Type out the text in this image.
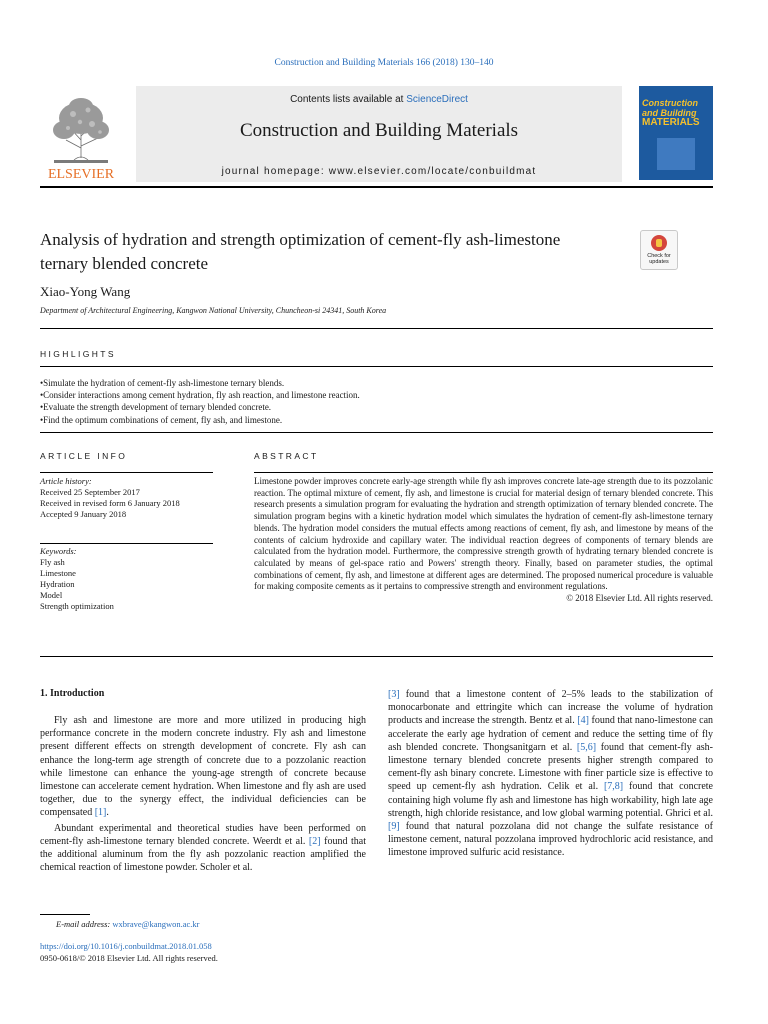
Construction and Building Materials 166 (2018) 130–140
ELSEVIER
Contents lists available at ScienceDirect
Construction and Building Materials
journal homepage: www.elsevier.com/locate/conbuildmat
Construction
and Building
MATERIALS
Analysis of hydration and strength optimization of cement-fly ash-limestone ternary blended concrete	Check for updates
Xiao-Yong Wang
Department of Architectural Engineering, Kangwon National University, Chuncheon-si 24341, South Korea
HIGHLIGHTS
• Simulate the hydration of cement-fly ash-limestone ternary blends.
• Consider interactions among cement hydration, fly ash reaction, and limestone reaction.
• Evaluate the strength development of ternary blended concrete.
• Find the optimum combinations of cement, fly ash, and limestone.
ARTICLE INFO
Article history:
Received 25 September 2017
Received in revised form 6 January 2018
Accepted 9 January 2018
Keywords:
Fly ash
Limestone
Hydration
Model
Strength optimization
ABSTRACT
Limestone powder improves concrete early-age strength while fly ash improves concrete late-age strength due to its pozzolanic reaction. The optimal mixture of cement, fly ash, and limestone is crucial for material design of ternary blended concrete. This research presents a simulation program for evaluating the hydration and strength optimization of ternary blended concrete. The simulation program begins with a kinetic hydration model which simulates the hydration of cement-fly ash-limestone ternary blends. The hydration model considers the mutual effects among reactions of cement, fly ash, and limestone by means of the contents of calcium hydroxide and capillary water. The individual reaction degrees of components of ternary blends are calculated from the hydration model. Furthermore, the compressive strength growth of hydrating ternary blended concrete is calculated by means of gel-space ratio and Powers' strength theory. Finally, based on parameter studies, the optimal combinations of cement, fly ash, and limestone at different ages are determined. The proposed numerical procedure is valuable for making composite cements as it pertains to compressive strength and environment regulations.
© 2018 Elsevier Ltd. All rights reserved.
1. Introduction

Fly ash and limestone are more and more utilized in producing high performance concrete in the modern concrete industry. Fly ash and limestone present different effects on strength development of concrete. Fly ash can enhance the long-term age strength of concrete due to a pozzolanic reaction while limestone can enhance the young-age strength of concrete because limestone can accelerate cement hydration. When limestone and fly ash are used together, due to the synergy effect, the individual deficiencies can be compensated [1].

Abundant experimental and theoretical studies have been performed on cement-fly ash-limestone ternary blended concrete. Weerdt et al. [2] found that the additional aluminum from the fly ash pozzolanic reaction amplified the chemical reaction of limestone powder. Scholer et al.

[3] found that a limestone content of 2–5% leads to the stabilization of monocarbonate and ettringite which can increase the volume of hydration products and increase the strength. Bentz et al. [4] found that nano-limestone can accelerate the early age hydration of cement and reduce the setting time of fly ash blended concrete. Thongsanitgarn et al. [5,6] found that cement-fly ash-limestone ternary blended concrete presents higher strength compared to cement-fly ash binary concrete. Limestone with finer particle size is effective to speed up cement-fly ash hydration. Celik et al. [7,8] found that concrete containing high volume fly ash and limestone has high workability, high late age strength, high chloride resistance, and low global warming potential. Ghrici et al. [9] found that natural pozzolana did not change the sulfate resistance of limestone cement, natural pozzolana improved hydrochloric acid resistance, and limestone improved sulfuric acid resistance.
E-mail address: wxbrave@kangwon.ac.kr
https://doi.org/10.1016/j.conbuildmat.2018.01.058
0950-0618/© 2018 Elsevier Ltd. All rights reserved.
